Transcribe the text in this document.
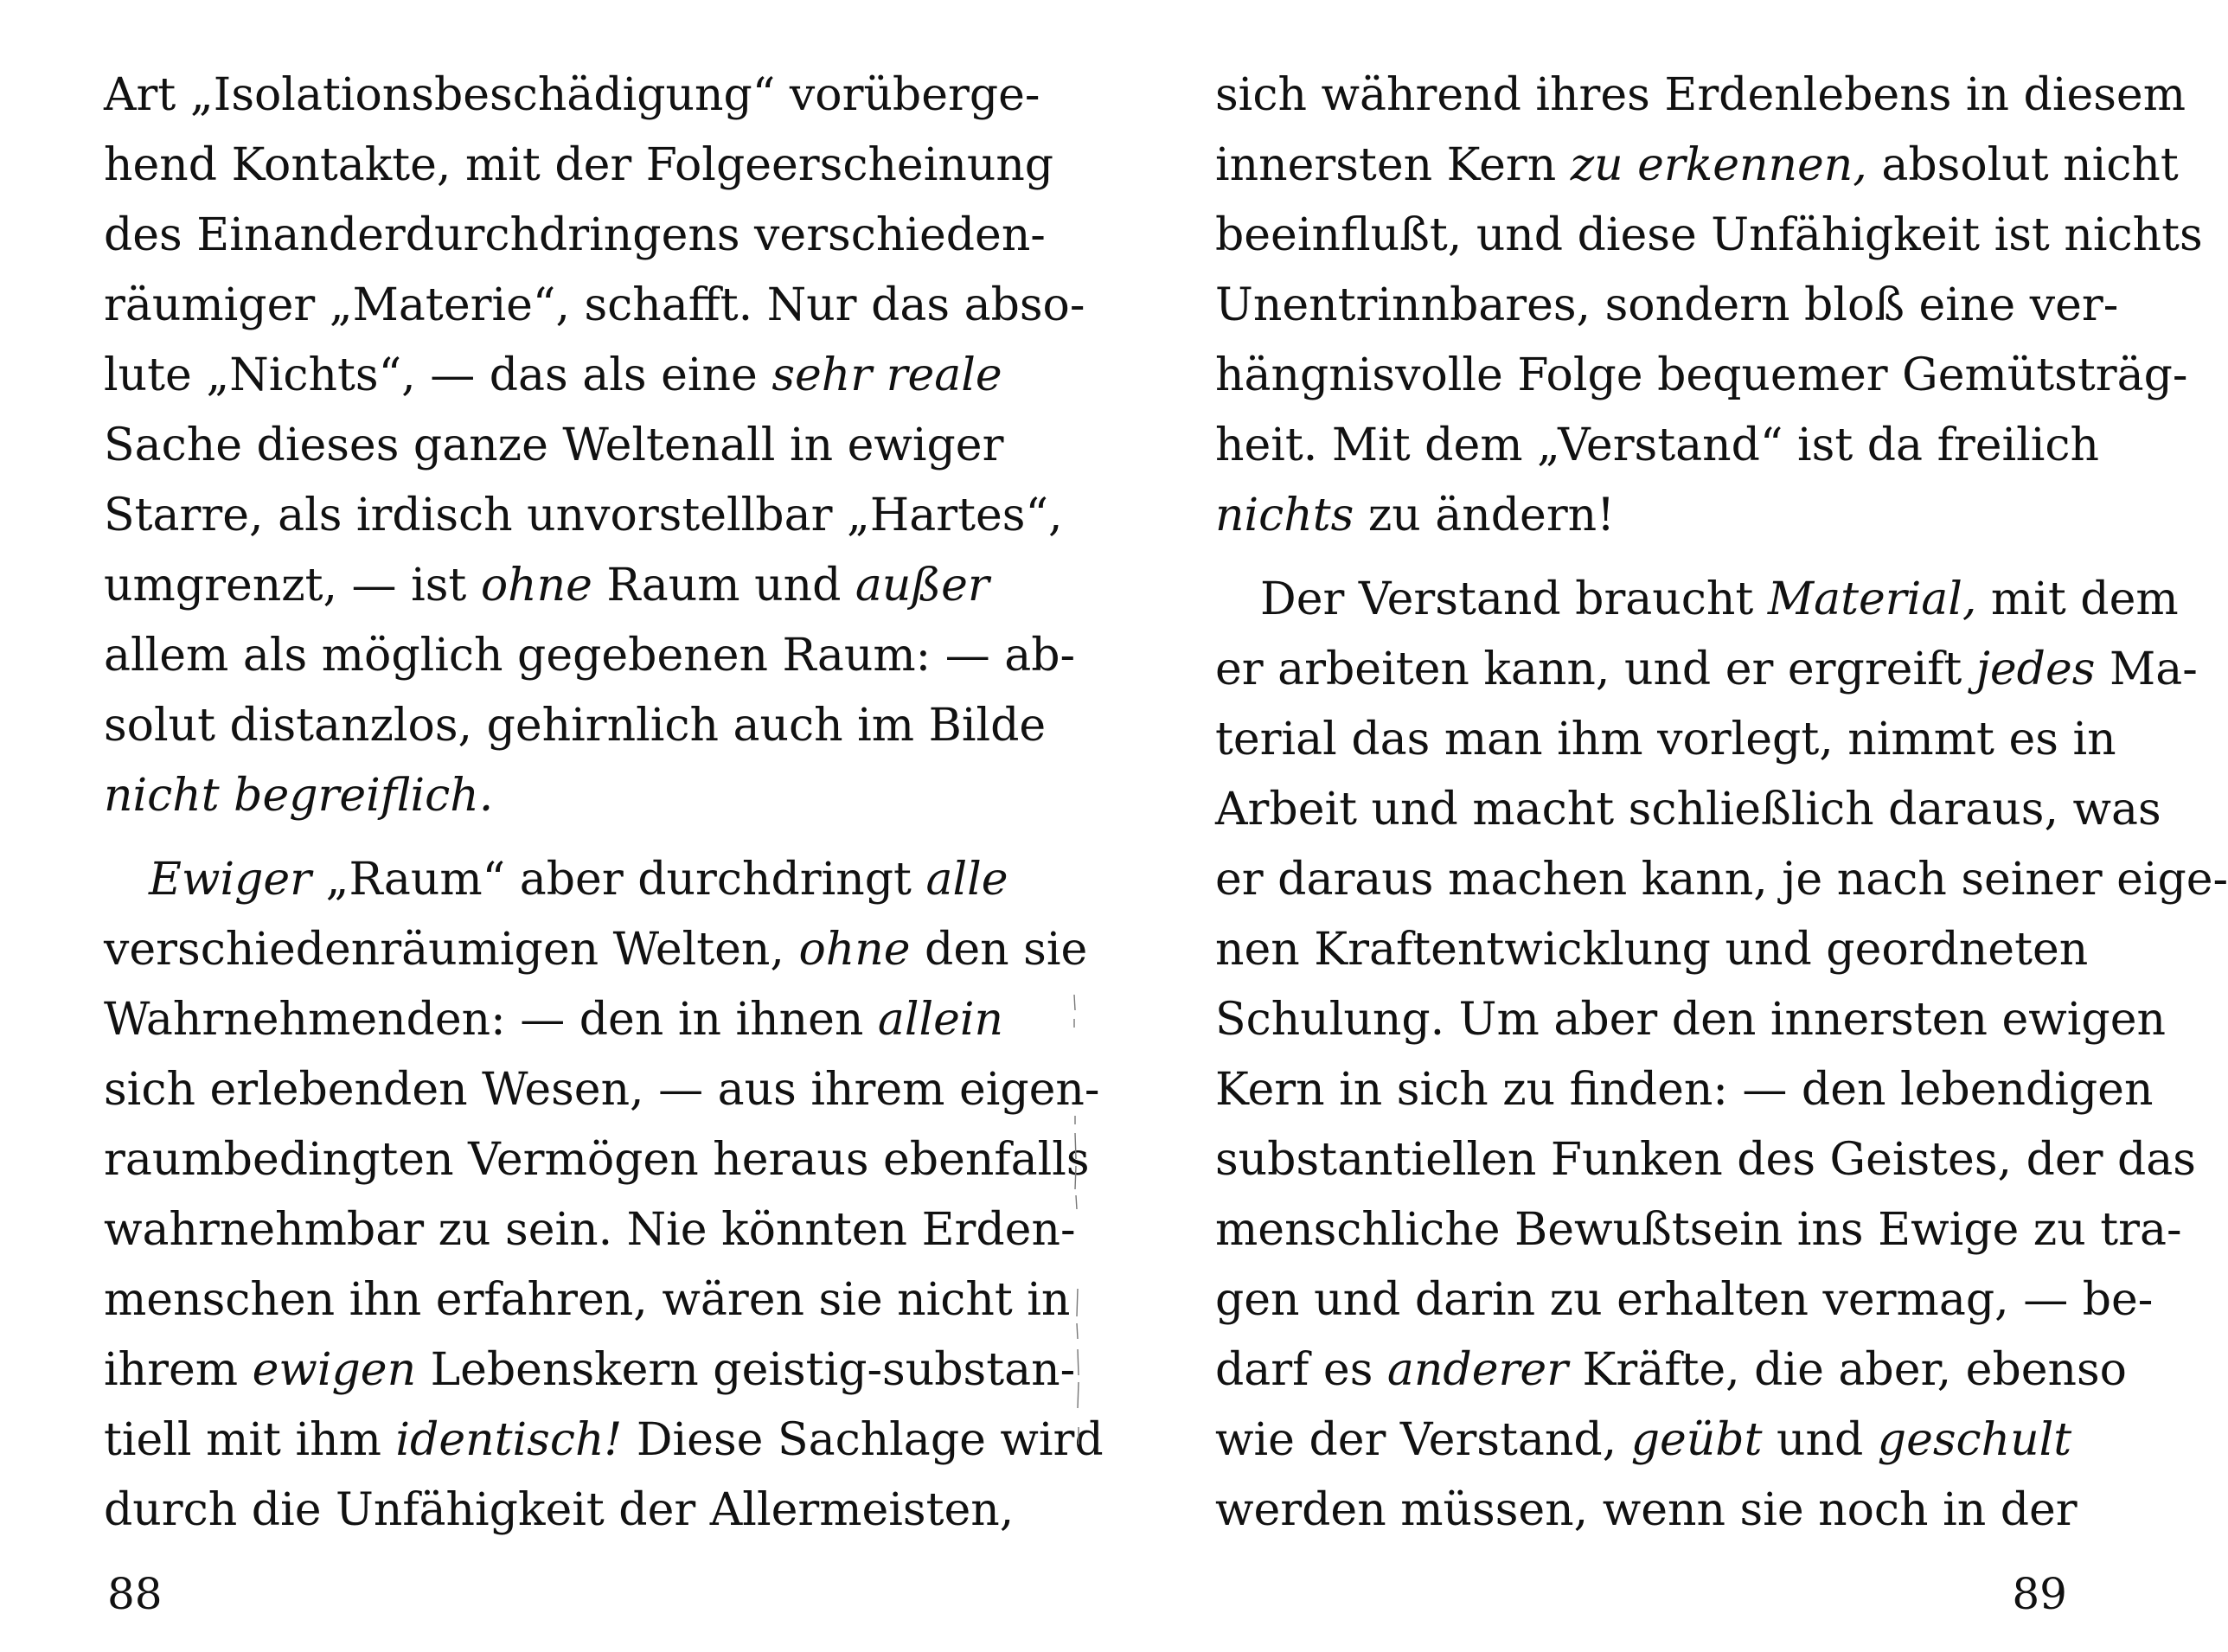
Art „Isolationsbeschädigung“ vorüberge-
hend Kontakte, mit der Folgeerscheinung
des Einanderdurchdringens verschieden-
räumiger „Materie“, schafft. Nur das abso-
lute „Nichts“, — das als eine sehr reale
Sache dieses ganze Weltenall in ewiger
Starre, als irdisch unvorstellbar „Hartes“,
umgrenzt, — ist ohne Raum und außer
allem als möglich gegebenen Raum: — ab-
solut distanzlos, gehirnlich auch im Bilde
nicht begreiflich.
Ewiger „Raum“ aber durchdringt alle
verschiedenräumigen Welten, ohne den sie
Wahrnehmenden: — den in ihnen allein
sich erlebenden Wesen, — aus ihrem eigen-
raumbedingten Vermögen heraus ebenfalls
wahrnehmbar zu sein. Nie könnten Erden-
menschen ihn erfahren, wären sie nicht in
ihrem ewigen Lebenskern geistig-substan-
tiell mit ihm identisch! Diese Sachlage wird
durch die Unfähigkeit der Allermeisten,
sich während ihres Erdenlebens in diesem
innersten Kern zu erkennen, absolut nicht
beeinflußt, und diese Unfähigkeit ist nichts
Unentrinnbares, sondern bloß eine ver-
hängnisvolle Folge bequemer Gemütsträg-
heit. Mit dem „Verstand“ ist da freilich
nichts zu ändern!
Der Verstand braucht Material, mit dem
er arbeiten kann, und er ergreift jedes Ma-
terial das man ihm vorlegt, nimmt es in
Arbeit und macht schließlich daraus, was
er daraus machen kann, je nach seiner eige-
nen Kraftentwicklung und geordneten
Schulung. Um aber den innersten ewigen
Kern in sich zu finden: — den lebendigen
substantiellen Funken des Geistes, der das
menschliche Bewußtsein ins Ewige zu tra-
gen und darin zu erhalten vermag, — be-
darf es anderer Kräfte, die aber, ebenso
wie der Verstand, geübt und geschult
werden müssen, wenn sie noch in der
88	89
